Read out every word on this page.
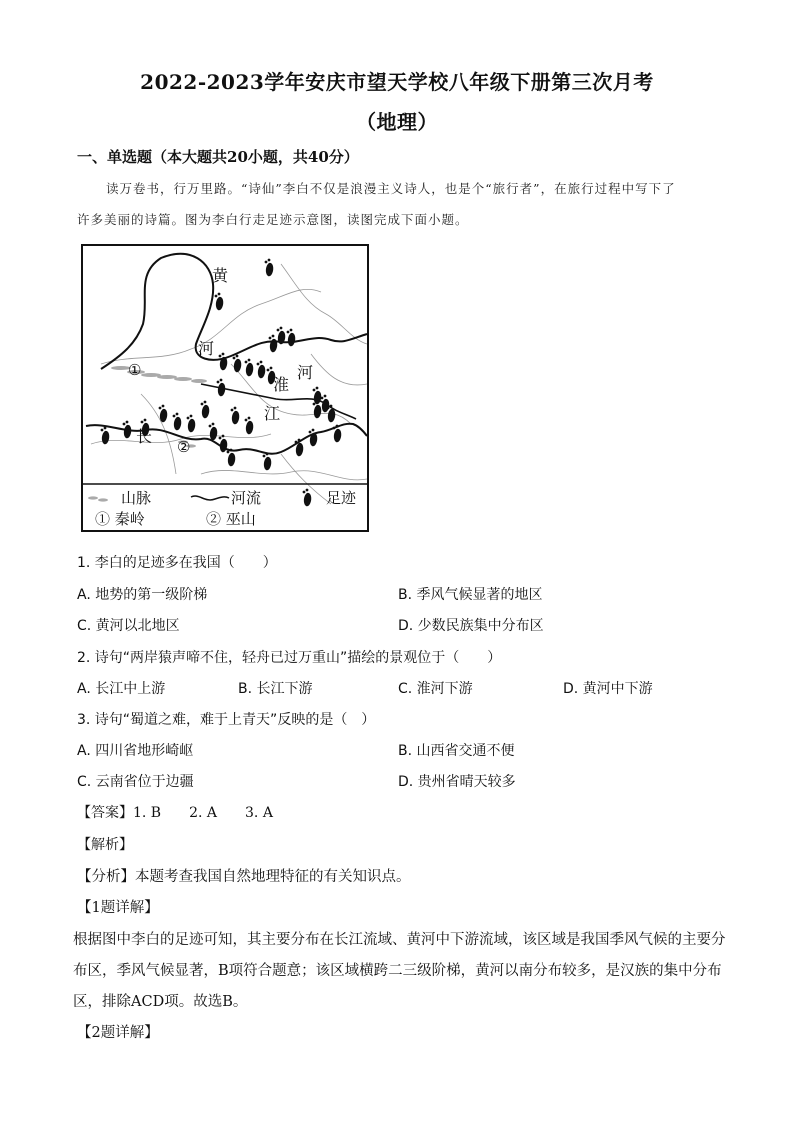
2022-2023学年安庆市望天学校八年级下册第三次月考
（地理）
一、单选题（本大题共20小题，共40分）
读万卷书，行万里路。“诗仙”李白不仅是浪漫主义诗人，也是个“旅行者”，在旅行过程中写下了
许多美丽的诗篇。图为李白行走足迹示意图，读图完成下面小题。
黄
河
淮
河
长
江
①
②
山脉	河流	足迹
① 秦岭	② 巫山
1. 李白的足迹多在我国（　　）
A. 地势的第一级阶梯	B. 季风气候显著的地区
C. 黄河以北地区	D. 少数民族集中分布区
2. 诗句“两岸猿声啼不住，轻舟已过万重山”描绘的景观位于（　　）
A. 长江中上游	B. 长江下游	C. 淮河下游	D. 黄河中下游
3. 诗句“蜀道之难，难于上青天”反映的是（　）
A. 四川省地形崎岖	B. 山西省交通不便
C. 云南省位于边疆	D. 贵州省晴天较多
【答案】1. B　　2. A　　3. A
【解析】
【分析】本题考查我国自然地理特征的有关知识点。
【1题详解】
根据图中李白的足迹可知，其主要分布在长江流域、黄河中下游流域，该区域是我国季风气候的主要分
布区，季风气候显著，B项符合题意；该区域横跨二三级阶梯，黄河以南分布较多，是汉族的集中分布
区，排除ACD项。故选B。
【2题详解】
